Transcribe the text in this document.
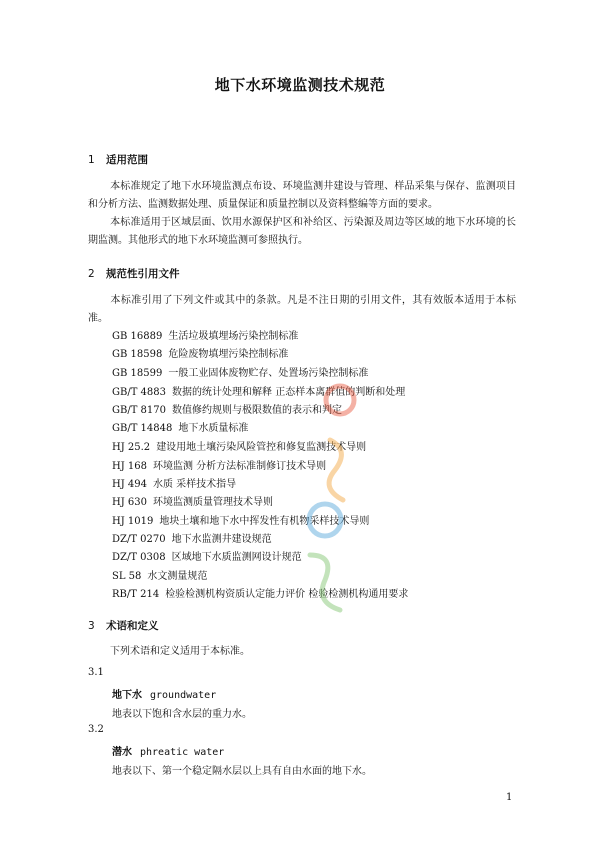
地下水环境监测技术规范
1 适用范围
本标准规定了地下水环境监测点布设、环境监测井建设与管理、样品采集与保存、监测项目和分析方法、监测数据处理、质量保证和质量控制以及资料整编等方面的要求。
本标准适用于区域层面、饮用水源保护区和补给区、污染源及周边等区域的地下水环境的长期监测。其他形式的地下水环境监测可参照执行。
2 规范性引用文件
本标准引用了下列文件或其中的条款。凡是不注日期的引用文件，其有效版本适用于本标准。
GB 16889 生活垃圾填埋场污染控制标准
GB 18598 危险废物填埋污染控制标准
GB 18599 一般工业固体废物贮存、处置场污染控制标准
GB/T 4883 数据的统计处理和解释 正态样本离群值的判断和处理
GB/T 8170 数值修约规则与极限数值的表示和判定
GB/T 14848 地下水质量标准
HJ 25.2 建设用地土壤污染风险管控和修复监测技术导则
HJ 168 环境监测 分析方法标准制修订技术导则
HJ 494 水质 采样技术指导
HJ 630 环境监测质量管理技术导则
HJ 1019 地块土壤和地下水中挥发性有机物采样技术导则
DZ/T 0270 地下水监测井建设规范
DZ/T 0308 区域地下水质监测网设计规范
SL 58 水文测量规范
RB/T 214 检验检测机构资质认定能力评价 检验检测机构通用要求
3 术语和定义
下列术语和定义适用于本标准。
3.1
地下水 groundwater
地表以下饱和含水层的重力水。
3.2
潜水 phreatic water
地表以下、第一个稳定隔水层以上具有自由水面的地下水。
1
